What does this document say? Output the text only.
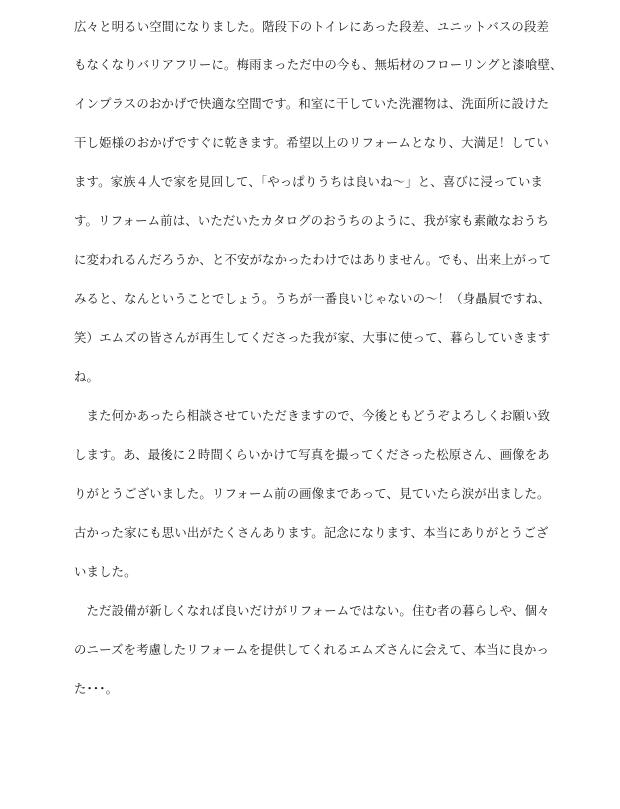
広々と明るい空間になりました。階段下のトイレにあった段差、ユニットバスの段差
もなくなりバリアフリーに。梅雨まっただ中の今も、無垢材のフローリングと漆喰壁、
インプラスのおかげで快適な空間です。和室に干していた洗濯物は、洗面所に設けた
干し姫様のおかげですぐに乾きます。希望以上のリフォームとなり、大満足！してい
ます。家族４人で家を見回して、「やっぱりうちは良いね～」と、喜びに浸っていま
す。リフォーム前は、いただいたカタログのおうちのように、我が家も素敵なおうち
に変われるんだろうか、と不安がなかったわけではありません。でも、出来上がって
みると、なんということでしょう。うちが一番良いじゃないの～！（身贔屓ですね、
笑）エムズの皆さんが再生してくださった我が家、大事に使って、暮らしていきます
ね。
　また何かあったら相談させていただきますので、今後ともどうぞよろしくお願い致
します。あ、最後に２時間くらいかけて写真を撮ってくださった松原さん、画像をあ
りがとうございました。リフォーム前の画像まであって、見ていたら涙が出ました。
古かった家にも思い出がたくさんあります。記念になります、本当にありがとうござ
いました。
　ただ設備が新しくなれば良いだけがリフォームではない。住む者の暮らしや、個々
のニーズを考慮したリフォームを提供してくれるエムズさんに会えて、本当に良かっ
た･･･。
